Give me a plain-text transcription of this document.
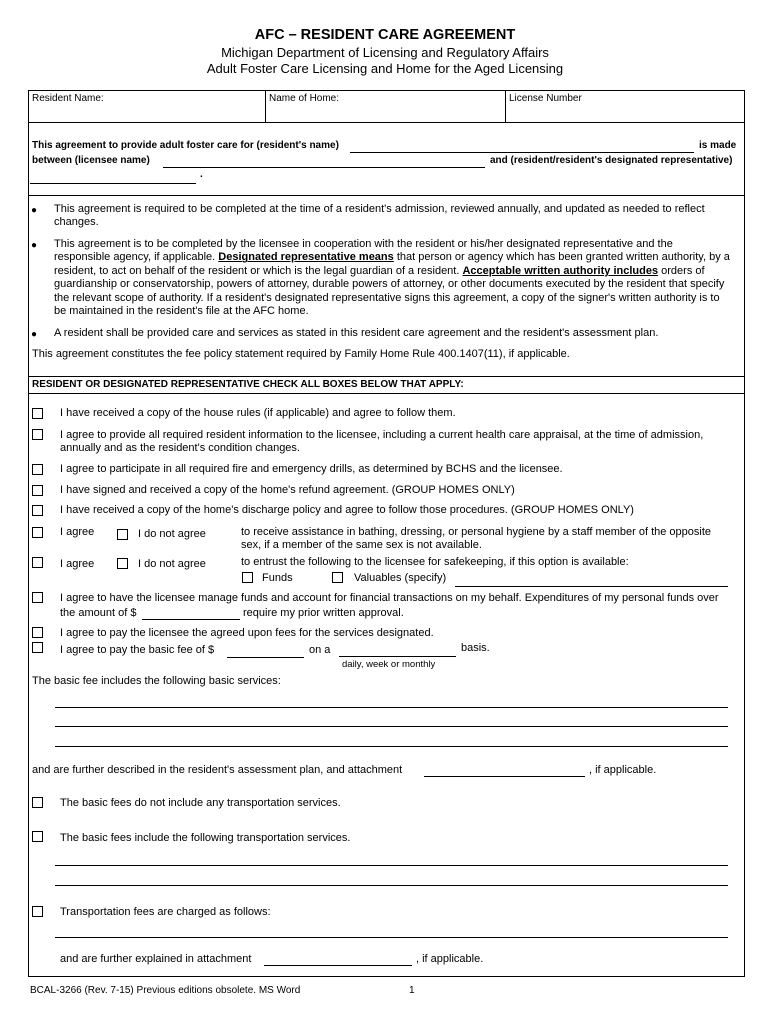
AFC – RESIDENT CARE AGREEMENT
Michigan Department of Licensing and Regulatory Affairs
Adult Foster Care Licensing and Home for the Aged Licensing
Resident Name:	Name of Home:	License Number
This agreement to provide adult foster care for (resident's name)	is made
between (licensee name)	and (resident/resident's designated representative)
.
● This agreement is required to be completed at the time of a resident's admission, reviewed annually, and updated as needed to reflect changes.
● This agreement is to be completed by the licensee in cooperation with the resident or his/her designated representative and the responsible agency, if applicable. Designated representative means that person or agency which has been granted written authority, by a resident, to act on behalf of the resident or which is the legal guardian of a resident. Acceptable written authority includes orders of guardianship or conservatorship, powers of attorney, durable powers of attorney, or other documents executed by the resident that specify the relevant scope of authority. If a resident's designated representative signs this agreement, a copy of the signer's written authority is to be maintained in the resident's file at the AFC home.
● A resident shall be provided care and services as stated in this resident care agreement and the resident's assessment plan.
This agreement constitutes the fee policy statement required by Family Home Rule 400.1407(11), if applicable.
RESIDENT OR DESIGNATED REPRESENTATIVE CHECK ALL BOXES BELOW THAT APPLY:
I have received a copy of the house rules (if applicable) and agree to follow them.
I agree to provide all required resident information to the licensee, including a current health care appraisal, at the time of admission,
annually and as the resident's condition changes.
I agree to participate in all required fire and emergency drills, as determined by BCHS and the licensee.
I have signed and received a copy of the home's refund agreement. (GROUP HOMES ONLY)
I have received a copy of the home's discharge policy and agree to follow those procedures. (GROUP HOMES ONLY)
I agree	I do not agree	to receive assistance in bathing, dressing, or personal hygiene by a staff member of the opposite
sex, if a member of the same sex is not available.
I agree	I do not agree	to entrust the following to the licensee for safekeeping, if this option is available:
Funds	Valuables (specify)
I agree to have the licensee manage funds and account for financial transactions on my behalf. Expenditures of my personal funds over
the amount of $	require my prior written approval.
I agree to pay the licensee the agreed upon fees for the services designated.
I agree to pay the basic fee of $	on a	basis.
daily, week or monthly
The basic fee includes the following basic services:
and are further described in the resident's assessment plan, and attachment	, if applicable.
The basic fees do not include any transportation services.
The basic fees include the following transportation services.
Transportation fees are charged as follows:
and are further explained in attachment	, if applicable.
BCAL-3266 (Rev. 7-15) Previous editions obsolete. MS Word	1
